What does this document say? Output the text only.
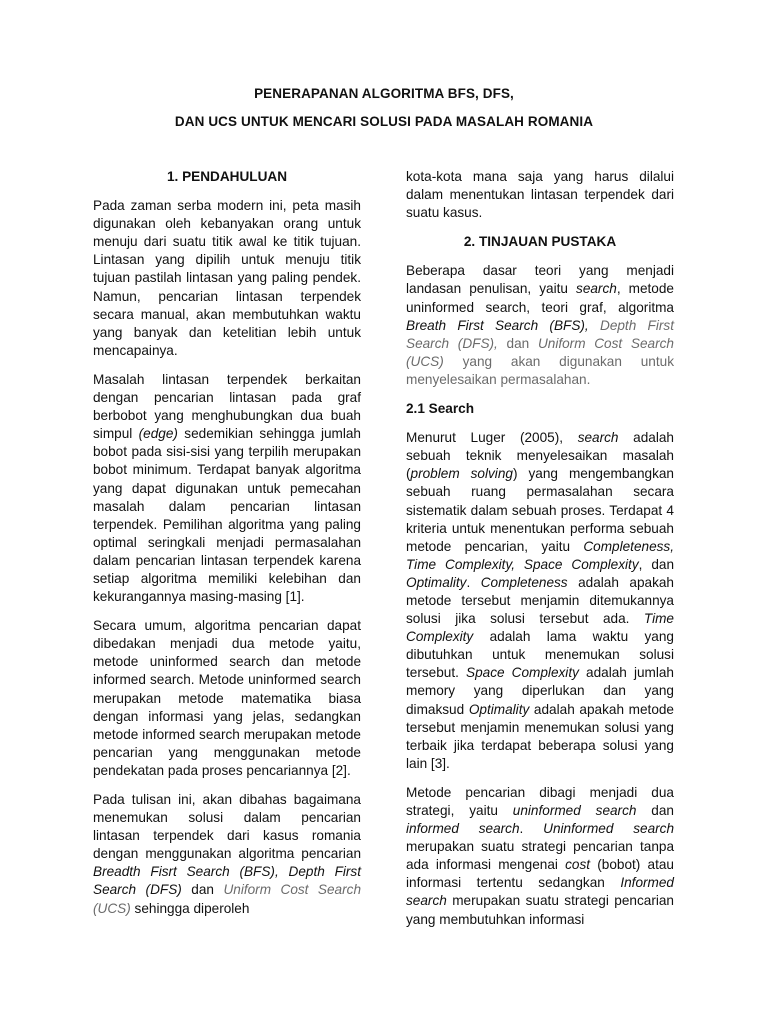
PENERAPANAN ALGORITMA BFS, DFS,
DAN UCS UNTUK MENCARI SOLUSI PADA MASALAH ROMANIA
1. PENDAHULUAN

Pada zaman serba modern ini, peta masih digunakan oleh kebanyakan orang untuk menuju dari suatu titik awal ke titik tujuan. Lintasan yang dipilih untuk menuju titik tujuan pastilah lintasan yang paling pendek. Namun, pencarian lintasan terpendek secara manual, akan membutuhkan waktu yang banyak dan ketelitian lebih untuk mencapainya.

Masalah lintasan terpendek berkaitan dengan pencarian lintasan pada graf berbobot yang menghubungkan dua buah simpul (edge) sedemikian sehingga jumlah bobot pada sisi-sisi yang terpilih merupakan bobot minimum. Terdapat banyak algoritma yang dapat digunakan untuk pemecahan masalah dalam pencarian lintasan terpendek. Pemilihan algoritma yang paling optimal seringkali menjadi permasalahan dalam pencarian lintasan terpendek karena setiap algoritma memiliki kelebihan dan kekurangannya masing-masing [1].

Secara umum, algoritma pencarian dapat dibedakan menjadi dua metode yaitu, metode uninformed search dan metode informed search. Metode uninformed search merupakan metode matematika biasa dengan informasi yang jelas, sedangkan metode informed search merupakan metode pencarian yang menggunakan metode pendekatan pada proses pencariannya [2].

Pada tulisan ini, akan dibahas bagaimana menemukan solusi dalam pencarian lintasan terpendek dari kasus romania dengan menggunakan algoritma pencarian Breadth Fisrt Search (BFS), Depth First Search (DFS) dan Uniform Cost Search (UCS) sehingga diperoleh

kota-kota mana saja yang harus dilalui dalam menentukan lintasan terpendek dari suatu kasus.

2. TINJAUAN PUSTAKA

Beberapa dasar teori yang menjadi landasan penulisan, yaitu search, metode uninformed search, teori graf, algoritma Breath First Search (BFS), Depth First Search (DFS), dan Uniform Cost Search (UCS) yang akan digunakan untuk menyelesaikan permasalahan.

2.1 Search

Menurut Luger (2005), search adalah sebuah teknik menyelesaikan masalah (problem solving) yang mengembangkan sebuah ruang permasalahan secara sistematik dalam sebuah proses. Terdapat 4 kriteria untuk menentukan performa sebuah metode pencarian, yaitu Completeness, Time Complexity, Space Complexity, dan Optimality. Completeness adalah apakah metode tersebut menjamin ditemukannya solusi jika solusi tersebut ada. Time Complexity adalah lama waktu yang dibutuhkan untuk menemukan solusi tersebut. Space Complexity adalah jumlah memory yang diperlukan dan yang dimaksud Optimality adalah apakah metode tersebut menjamin menemukan solusi yang terbaik jika terdapat beberapa solusi yang lain [3].

Metode pencarian dibagi menjadi dua strategi, yaitu uninformed search dan informed search. Uninformed search merupakan suatu strategi pencarian tanpa ada informasi mengenai cost (bobot) atau informasi tertentu sedangkan Informed search merupakan suatu strategi pencarian yang membutuhkan informasi
